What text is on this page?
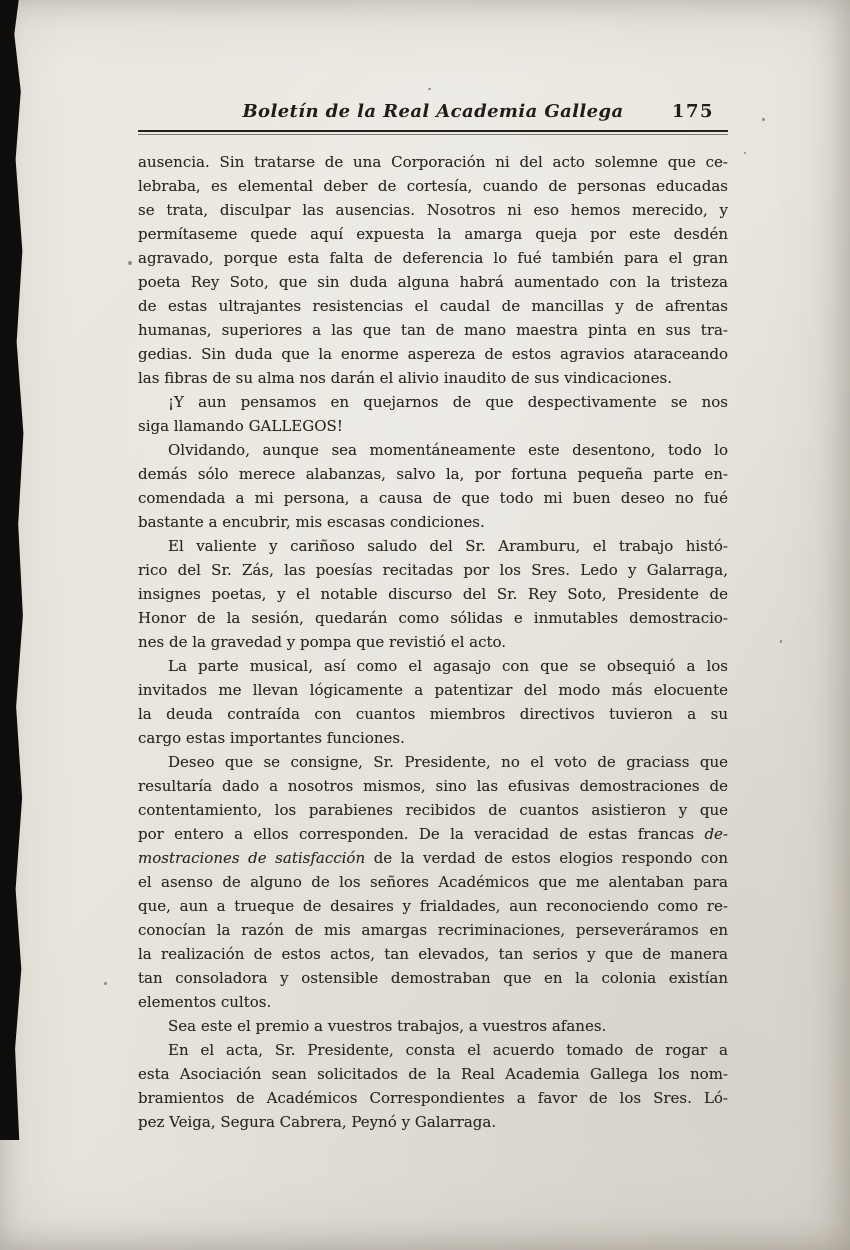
Boletín de la Real Academia Gallega	175
ausencia. Sin tratarse de una Corporación ni del acto solemne que ce-
lebraba, es elemental deber de cortesía, cuando de personas educadas
se trata, disculpar las ausencias. Nosotros ni eso hemos merecido, y
permítaseme quede aquí expuesta la amarga queja por este desdén
agravado, porque esta falta de deferencia lo fué también para el gran
poeta Rey Soto, que sin duda alguna habrá aumentado con la tristeza
de estas ultrajantes resistencias el caudal de mancillas y de afrentas
humanas, superiores a las que tan de mano maestra pinta en sus tra-
gedias. Sin duda que la enorme aspereza de estos agravios ataraceando
las fibras de su alma nos darán el alivio inaudito de sus vindicaciones.
¡Y aun pensamos en quejarnos de que despectivamente se nos
siga llamando GALLEGOS!
Olvidando, aunque sea momentáneamente este desentono, todo lo
demás sólo merece alabanzas, salvo la, por fortuna pequeña parte en-
comendada a mi persona, a causa de que todo mi buen deseo no fué
bastante a encubrir, mis escasas condiciones.
El valiente y cariñoso saludo del Sr. Aramburu, el trabajo histó-
rico del Sr. Zás, las poesías recitadas por los Sres. Ledo y Galarraga,
insignes poetas, y el notable discurso del Sr. Rey Soto, Presidente de
Honor de la sesión, quedarán como sólidas e inmutables demostracio-
nes de la gravedad y pompa que revistió el acto.
La parte musical, así como el agasajo con que se obsequió a los
invitados me llevan lógicamente a patentizar del modo más elocuente
la deuda contraída con cuantos miembros directivos tuvieron a su
cargo estas importantes funciones.
Deseo que se consigne, Sr. Presidente, no el voto de graciass que
resultaría dado a nosotros mismos, sino las efusivas demostraciones de
contentamiento, los parabienes recibidos de cuantos asistieron y que
por entero a ellos corresponden. De la veracidad de estas francas de-
mostraciones de satisfacción de la verdad de estos elogios respondo con
el asenso de alguno de los señores Académicos que me alentaban para
que, aun a trueque de desaires y frialdades, aun reconociendo como re-
conocían la razón de mis amargas recriminaciones, perseveráramos en
la realización de estos actos, tan elevados, tan serios y que de manera
tan consoladora y ostensible demostraban que en la colonia existían
elementos cultos.
Sea este el premio a vuestros trabajos, a vuestros afanes.
En el acta, Sr. Presidente, consta el acuerdo tomado de rogar a
esta Asociación sean solicitados de la Real Academia Gallega los nom-
bramientos de Académicos Correspondientes a favor de los Sres. Ló-
pez Veiga, Segura Cabrera, Peynó y Galarraga.
